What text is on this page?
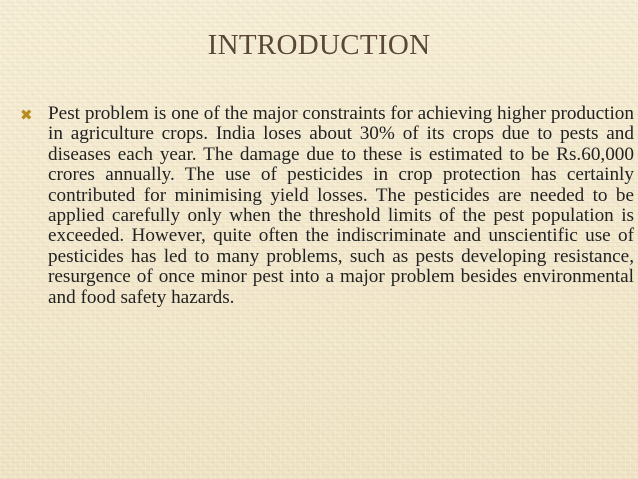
INTRODUCTION
✖ Pest problem is one of the major constraints for achieving higher production in agriculture crops. India loses about 30% of its crops due to pests and diseases each year. The damage due to these is estimated to be Rs.60,000 crores annually. The use of pesticides in crop protection has certainly contributed for minimising yield losses. The pesticides are needed to be applied carefully only when the threshold limits of the pest population is exceeded. However, quite often the indiscriminate and unscientific use of pesticides has led to many problems, such as pests developing resistance, resurgence of once minor pest into a major problem besides environmental and food safety hazards.
